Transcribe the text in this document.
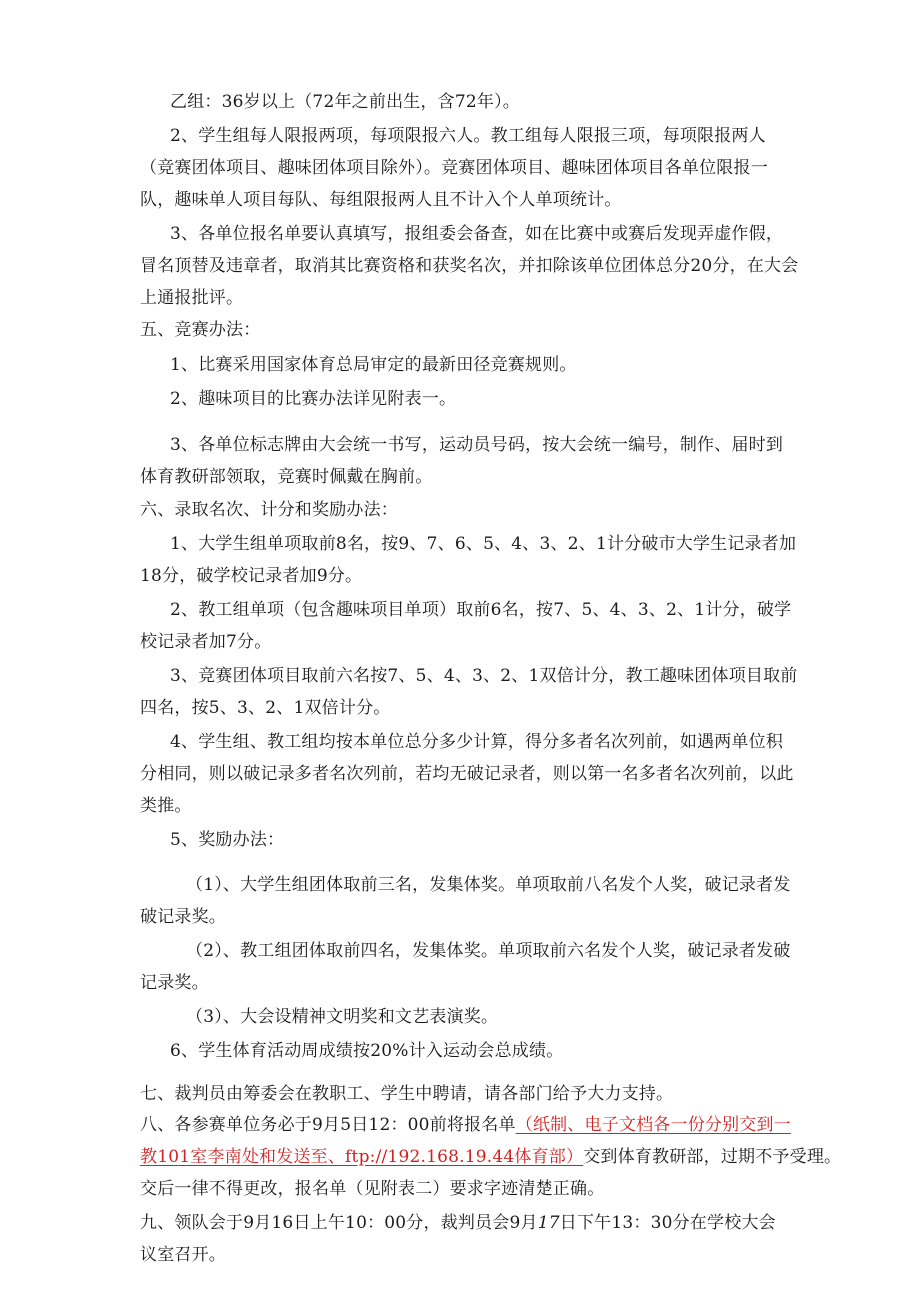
乙组：36岁以上（72年之前出生，含72年）。
2、学生组每人限报两项，每项限报六人。教工组每人限报三项，每项限报两人
（竞赛团体项目、趣味团体项目除外）。竞赛团体项目、趣味团体项目各单位限报一
队，趣味单人项目每队、每组限报两人且不计入个人单项统计。
3、各单位报名单要认真填写，报组委会备查，如在比赛中或赛后发现弄虚作假，
冒名顶替及违章者，取消其比赛资格和获奖名次，并扣除该单位团体总分20分，在大会
上通报批评。
五、竞赛办法：
1、比赛采用国家体育总局审定的最新田径竞赛规则。
2、趣味项目的比赛办法详见附表一。
3、各单位标志牌由大会统一书写，运动员号码，按大会统一编号，制作、届时到
体育教研部领取，竞赛时佩戴在胸前。
六、录取名次、计分和奖励办法：
1、大学生组单项取前8名，按9、7、6、5、4、3、2、1计分破市大学生记录者加
18分，破学校记录者加9分。
2、教工组单项（包含趣味项目单项）取前6名，按7、5、4、3、2、1计分，破学
校记录者加7分。
3、竞赛团体项目取前六名按7、5、4、3、2、1双倍计分，教工趣味团体项目取前
四名，按5、3、2、1双倍计分。
4、学生组、教工组均按本单位总分多少计算，得分多者名次列前，如遇两单位积
分相同，则以破记录多者名次列前，若均无破记录者，则以第一名多者名次列前，以此
类推。
5、奖励办法：
（1）、大学生组团体取前三名，发集体奖。单项取前八名发个人奖，破记录者发
破记录奖。
（2）、教工组团体取前四名，发集体奖。单项取前六名发个人奖，破记录者发破
记录奖。
（3）、大会设精神文明奖和文艺表演奖。
6、学生体育活动周成绩按20%计入运动会总成绩。
七、裁判员由筹委会在教职工、学生中聘请，请各部门给予大力支持。
八、各参赛单位务必于9月5日12：00前将报名单（纸制、电子文档各一份分别交到一
教101室李南处和发送至、ftp://192.168.19.44体育部）交到体育教研部，过期不予受理。
交后一律不得更改，报名单（见附表二）要求字迹清楚正确。
九、领队会于9月16日上午10：00分，裁判员会9月17日下午13：30分在学校大会
议室召开。
